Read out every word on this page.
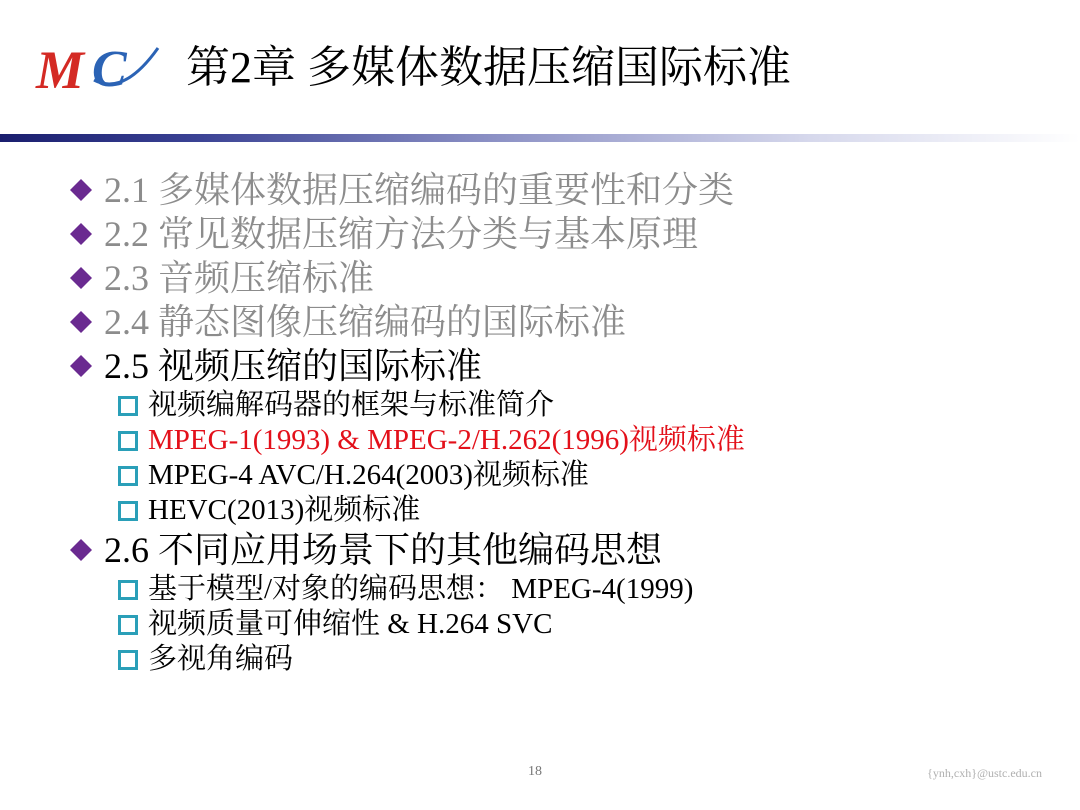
M C 第2章 多媒体数据压缩国际标准
2.1 多媒体数据压缩编码的重要性和分类
2.2 常见数据压缩方法分类与基本原理
2.3 音频压缩标准
2.4 静态图像压缩编码的国际标准
2.5 视频压缩的国际标准
视频编解码器的框架与标准简介
MPEG-1(1993) & MPEG-2/H.262(1996)视频标准
MPEG-4 AVC/H.264(2003)视频标准
HEVC(2013)视频标准
2.6 不同应用场景下的其他编码思想
基于模型/对象的编码思想： MPEG-4(1999)
视频质量可伸缩性 & H.264 SVC
多视角编码
18	{ynh,cxh}@ustc.edu.cn
